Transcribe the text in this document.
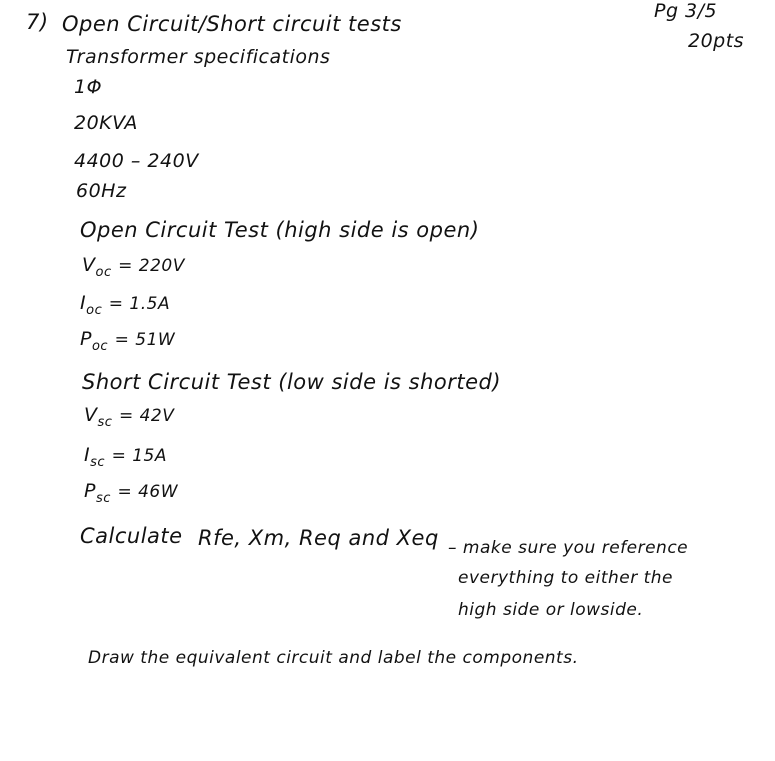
7) Open Circuit/Short circuit tests
Pg 3/5
20pts
Transformer specifications
1Φ
20KVA
4400 – 240V
60Hz
Open Circuit Test (high side is open)
$V_{oc} = 220V$
$I_{oc} = 1.5A$
$P_{oc} = 51W$
Short Circuit Test (low side is shorted)
$V_{sc} = 42V$
$I_{sc} = 15A$
$P_{sc} = 46W$
Calculate Rfe, Xm, Req and Xeq – make sure you reference
everything to either the
high side or lowside.
Draw the equivalent circuit and label the components.
